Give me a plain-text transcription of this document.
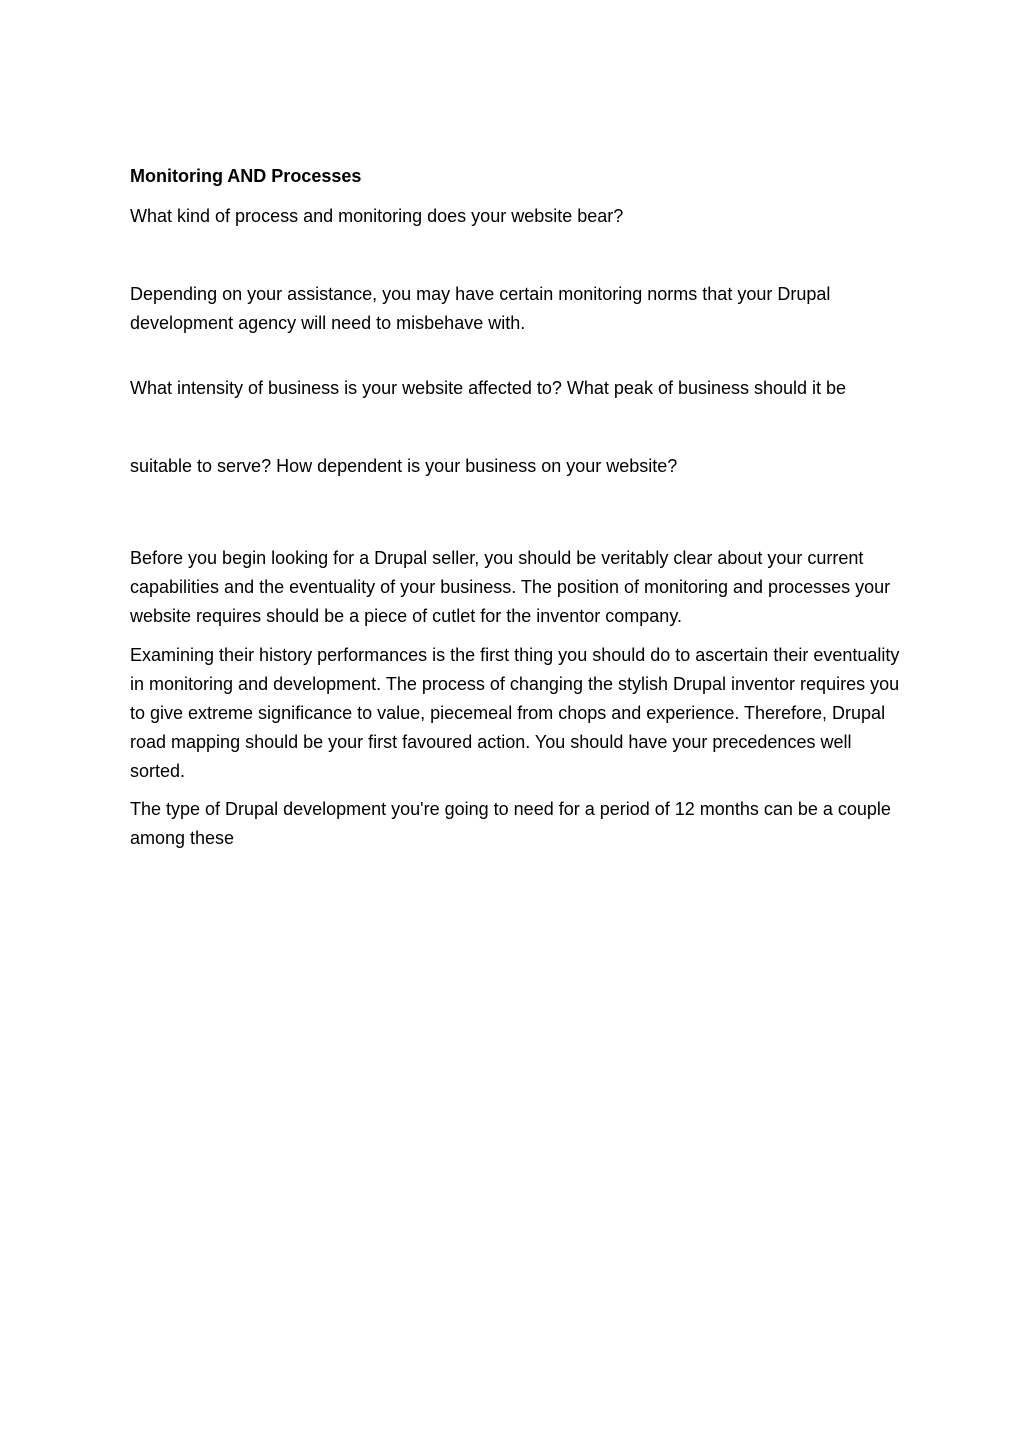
Monitoring AND Processes

What kind of process and monitoring does your website bear?

Depending on your assistance, you may have certain monitoring norms that your Drupal development agency will need to misbehave with.

What intensity of business is your website affected to? What peak of business should it be

suitable to serve? How dependent is your business on your website?

Before you begin looking for a Drupal seller, you should be veritably clear about your current capabilities and the eventuality of your business. The position of monitoring and processes your website requires should be a piece of cutlet for the inventor company.

Examining their history performances is the first thing you should do to ascertain their eventuality in monitoring and development. The process of changing the stylish Drupal inventor requires you to give extreme significance to value, piecemeal from chops and experience. Therefore, Drupal road mapping should be your first favoured action. You should have your precedences well sorted.

The type of Drupal development you're going to need for a period of 12 months can be a couple among these
